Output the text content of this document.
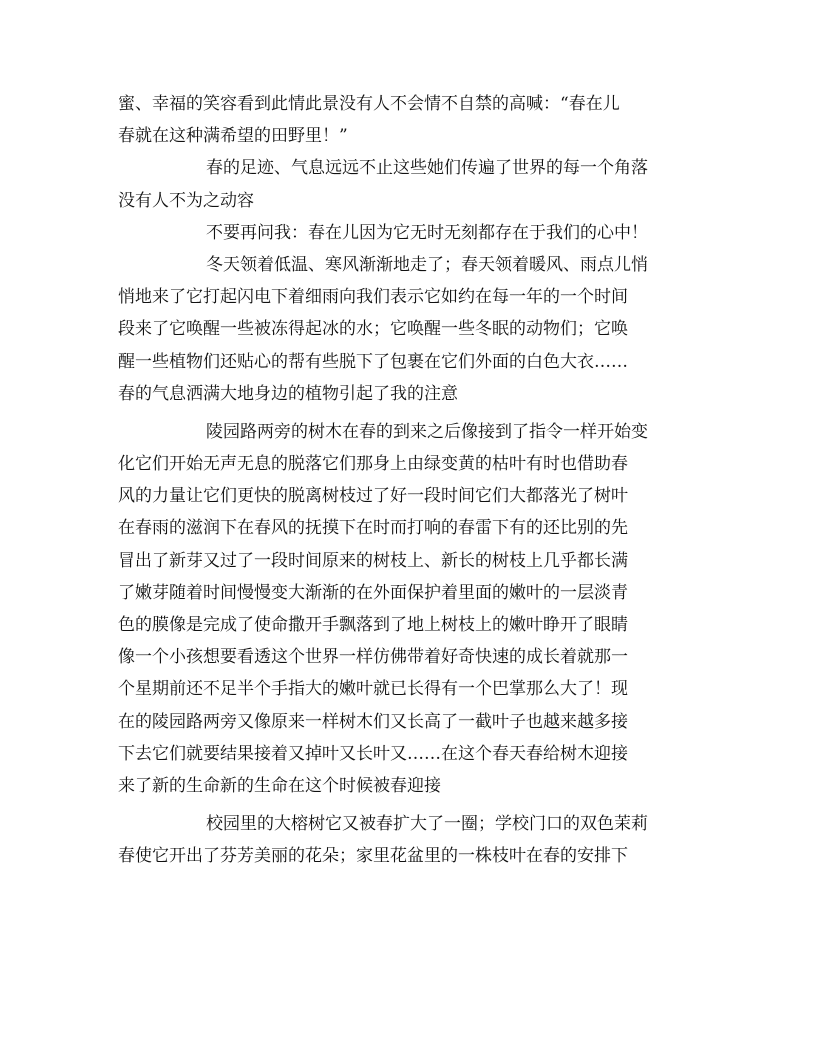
蜜、幸福的笑容看到此情此景没有人不会情不自禁的高喊：“春在儿
春就在这种满希望的田野里！”
春的足迹、气息远远不止这些她们传遍了世界的每一个角落
没有人不为之动容
不要再问我：春在儿因为它无时无刻都存在于我们的心中！
冬天领着低温、寒风渐渐地走了；春天领着暖风、雨点儿悄
悄地来了它打起闪电下着细雨向我们表示它如约在每一年的一个时间
段来了它唤醒一些被冻得起冰的水；它唤醒一些冬眠的动物们；它唤
醒一些植物们还贴心的帮有些脱下了包裹在它们外面的白色大衣……
春的气息洒满大地身边的植物引起了我的注意
陵园路两旁的树木在春的到来之后像接到了指令一样开始变
化它们开始无声无息的脱落它们那身上由绿变黄的枯叶有时也借助春
风的力量让它们更快的脱离树枝过了好一段时间它们大都落光了树叶
在春雨的滋润下在春风的抚摸下在时而打响的春雷下有的还比别的先
冒出了新芽又过了一段时间原来的树枝上、新长的树枝上几乎都长满
了嫩芽随着时间慢慢变大渐渐的在外面保护着里面的嫩叶的一层淡青
色的膜像是完成了使命撒开手飘落到了地上树枝上的嫩叶睁开了眼睛
像一个小孩想要看透这个世界一样仿佛带着好奇快速的成长着就那一
个星期前还不足半个手指大的嫩叶就已长得有一个巴掌那么大了！现
在的陵园路两旁又像原来一样树木们又长高了一截叶子也越来越多接
下去它们就要结果接着又掉叶又长叶又……在这个春天春给树木迎接
来了新的生命新的生命在这个时候被春迎接
校园里的大榕树它又被春扩大了一圈；学校门口的双色茉莉
春使它开出了芬芳美丽的花朵；家里花盆里的一株枝叶在春的安排下
